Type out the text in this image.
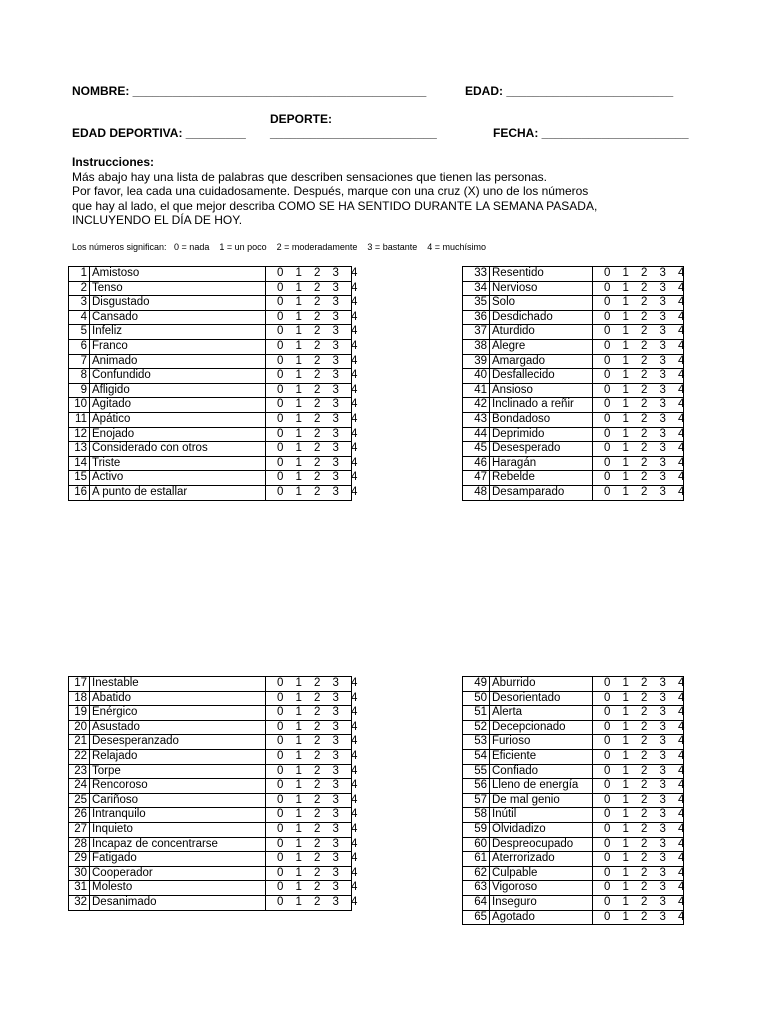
NOMBRE: ____________________________________________	EDAD: _________________________
DEPORTE:
_________________________
EDAD DEPORTIVA: _________	FECHA: ______________________
Instrucciones:
Más abajo hay una lista de palabras que describen sensaciones que tienen las personas.
Por favor, lea cada una cuidadosamente. Después, marque con una cruz (X) uno de los números
que hay al lado, el que mejor describa COMO SE HA SENTIDO DURANTE LA SEMANA PASADA,
INCLUYENDO EL DÍA DE HOY.
Los números significan:   0 = nada    1 = un poco    2 = moderadamente    3 = bastante    4 = muchísimo
1	Amistoso	0 1 2 3 4
2	Tenso	0 1 2 3 4
3	Disgustado	0 1 2 3 4
4	Cansado	0 1 2 3 4
5	Infeliz	0 1 2 3 4
6	Franco	0 1 2 3 4
7	Animado	0 1 2 3 4
8	Confundido	0 1 2 3 4
9	Afligido	0 1 2 3 4
10	Agitado	0 1 2 3 4
11	Apático	0 1 2 3 4
12	Enojado	0 1 2 3 4
13	Considerado con otros	0 1 2 3 4
14	Triste	0 1 2 3 4
15	Activo	0 1 2 3 4
16	A punto de estallar	0 1 2 3 4
33	Resentido	0 1 2 3 4
34	Nervioso	0 1 2 3 4
35	Solo	0 1 2 3 4
36	Desdichado	0 1 2 3 4
37	Aturdido	0 1 2 3 4
38	Alegre	0 1 2 3 4
39	Amargado	0 1 2 3 4
40	Desfallecido	0 1 2 3 4
41	Ansioso	0 1 2 3 4
42	Inclinado a reñir	0 1 2 3 4
43	Bondadoso	0 1 2 3 4
44	Deprimido	0 1 2 3 4
45	Desesperado	0 1 2 3 4
46	Haragán	0 1 2 3 4
47	Rebelde	0 1 2 3 4
48	Desamparado	0 1 2 3 4
17	Inestable	0 1 2 3 4
18	Abatido	0 1 2 3 4
19	Enérgico	0 1 2 3 4
20	Asustado	0 1 2 3 4
21	Desesperanzado	0 1 2 3 4
22	Relajado	0 1 2 3 4
23	Torpe	0 1 2 3 4
24	Rencoroso	0 1 2 3 4
25	Cariñoso	0 1 2 3 4
26	Intranquilo	0 1 2 3 4
27	Inquieto	0 1 2 3 4
28	Incapaz de concentrarse	0 1 2 3 4
29	Fatigado	0 1 2 3 4
30	Cooperador	0 1 2 3 4
31	Molesto	0 1 2 3 4
32	Desanimado	0 1 2 3 4
49	Aburrido	0 1 2 3 4
50	Desorientado	0 1 2 3 4
51	Alerta	0 1 2 3 4
52	Decepcionado	0 1 2 3 4
53	Furioso	0 1 2 3 4
54	Eficiente	0 1 2 3 4
55	Confiado	0 1 2 3 4
56	Lleno de energía	0 1 2 3 4
57	De mal genio	0 1 2 3 4
58	Inútil	0 1 2 3 4
59	Olvidadizo	0 1 2 3 4
60	Despreocupado	0 1 2 3 4
61	Aterrorizado	0 1 2 3 4
62	Culpable	0 1 2 3 4
63	Vigoroso	0 1 2 3 4
64	Inseguro	0 1 2 3 4
65	Agotado	0 1 2 3 4
